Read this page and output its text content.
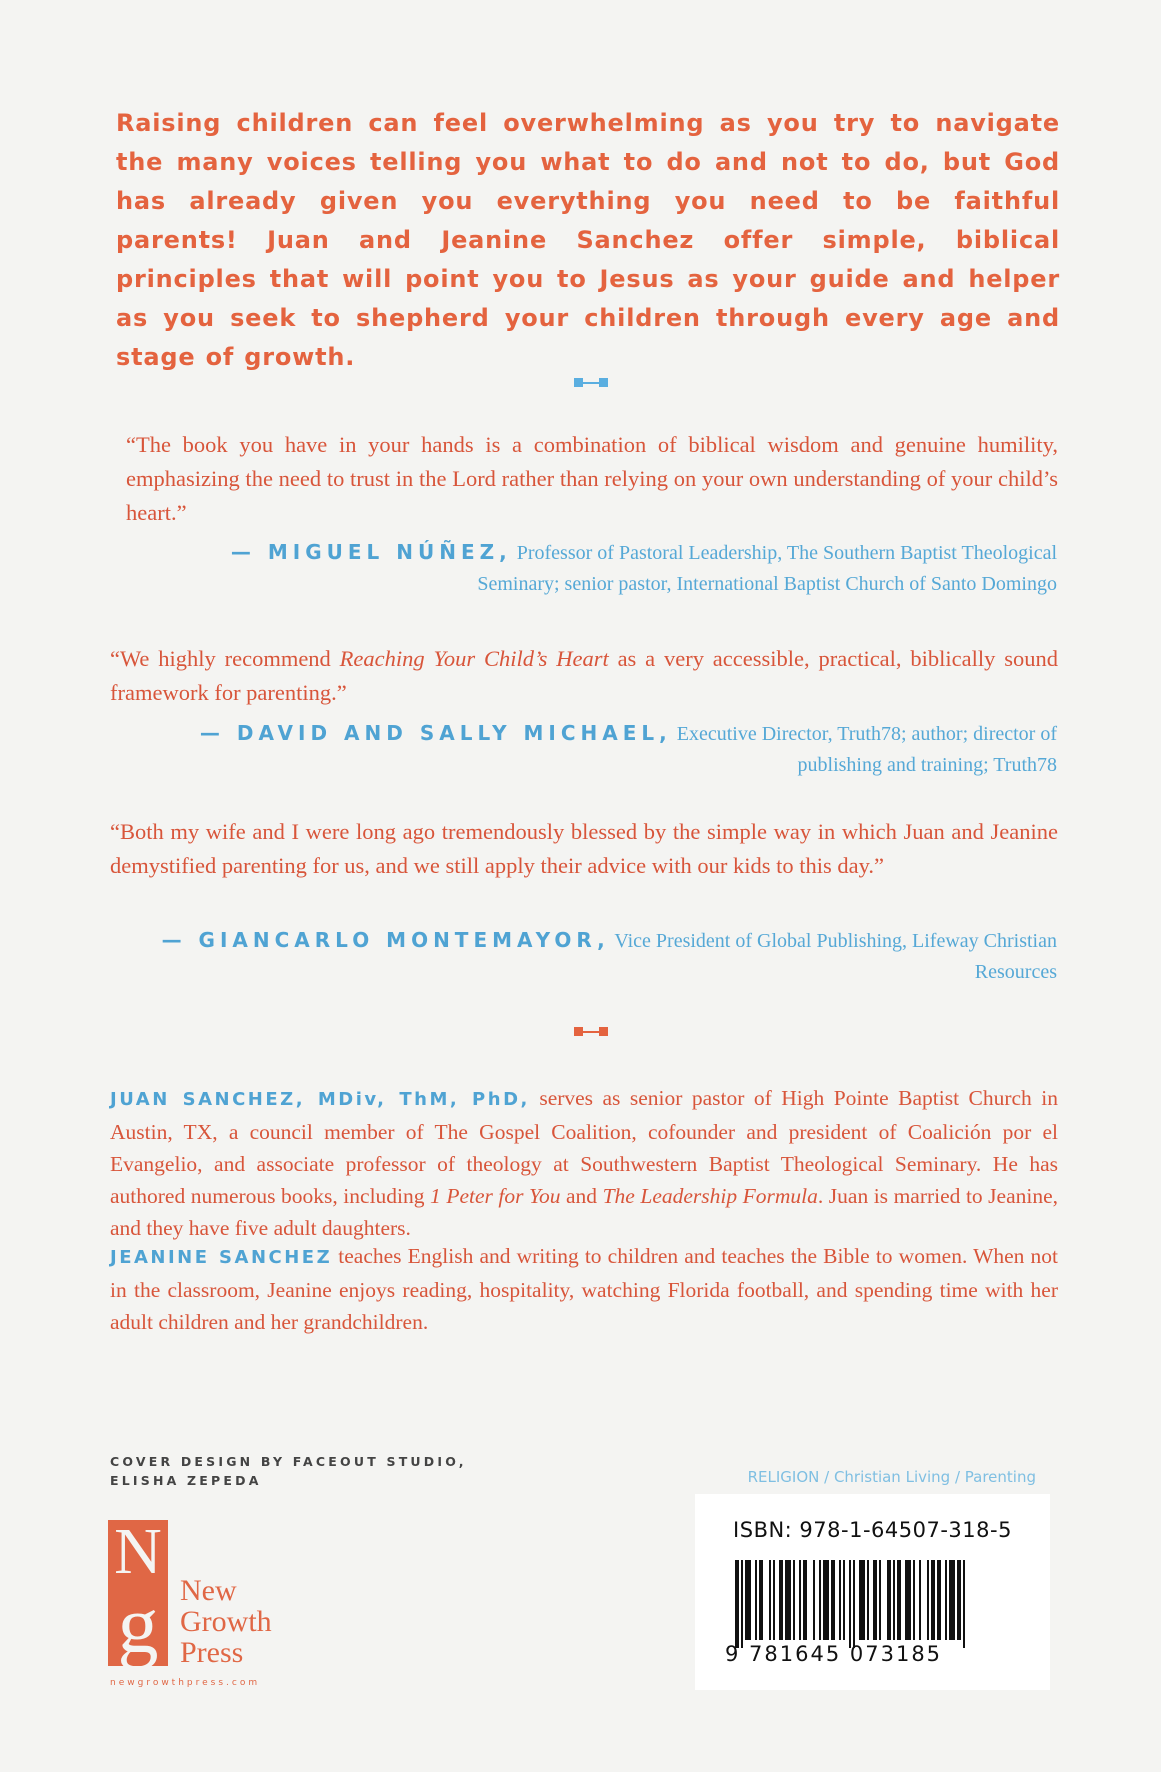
Raising children can feel overwhelming as you try to navigate the many voices telling you what to do and not to do, but God has already given you everything you need to be faithful parents! Juan and Jeanine Sanchez offer simple, biblical principles that will point you to Jesus as your guide and helper as you seek to shepherd your children through every age and stage of growth.
“The book you have in your hands is a combination of biblical wisdom and genuine humility, emphasizing the need to trust in the Lord rather than relying on your own understanding of your child’s heart.”
— MIGUEL NÚÑEZ, Professor of Pastoral Leadership, The Southern Baptist Theological Seminary; senior pastor, International Baptist Church of Santo Domingo
“We highly recommend Reaching Your Child’s Heart as a very accessible, practical, biblically sound framework for parenting.”
— DAVID AND SALLY MICHAEL, Executive Director, Truth78; author; director of publishing and training; Truth78
“Both my wife and I were long ago tremendously blessed by the simple way in which Juan and Jeanine demystified parenting for us, and we still apply their advice with our kids to this day.”
— GIANCARLO MONTEMAYOR, Vice President of Global Publishing, Lifeway Christian Resources
JUAN SANCHEZ, MDiv, ThM, PhD, serves as senior pastor of High Pointe Baptist Church in Austin, TX, a council member of The Gospel Coalition, cofounder and president of Coalición por el Evangelio, and associate professor of theology at Southwestern Baptist Theological Seminary. He has authored numerous books, including 1 Peter for You and The Leadership Formula. Juan is married to Jeanine, and they have five adult daughters.
JEANINE SANCHEZ teaches English and writing to children and teaches the Bible to women. When not in the classroom, Jeanine enjoys reading, hospitality, watching Florida football, and spending time with her adult children and her grandchildren.
COVER DESIGN BY FACEOUT STUDIO,
ELISHA ZEPEDA
N
g New
Growth
Press
newgrowthpress.com
RELIGION / Christian Living / Parenting
ISBN: 978-1-64507-318-5
9 781645 073185
